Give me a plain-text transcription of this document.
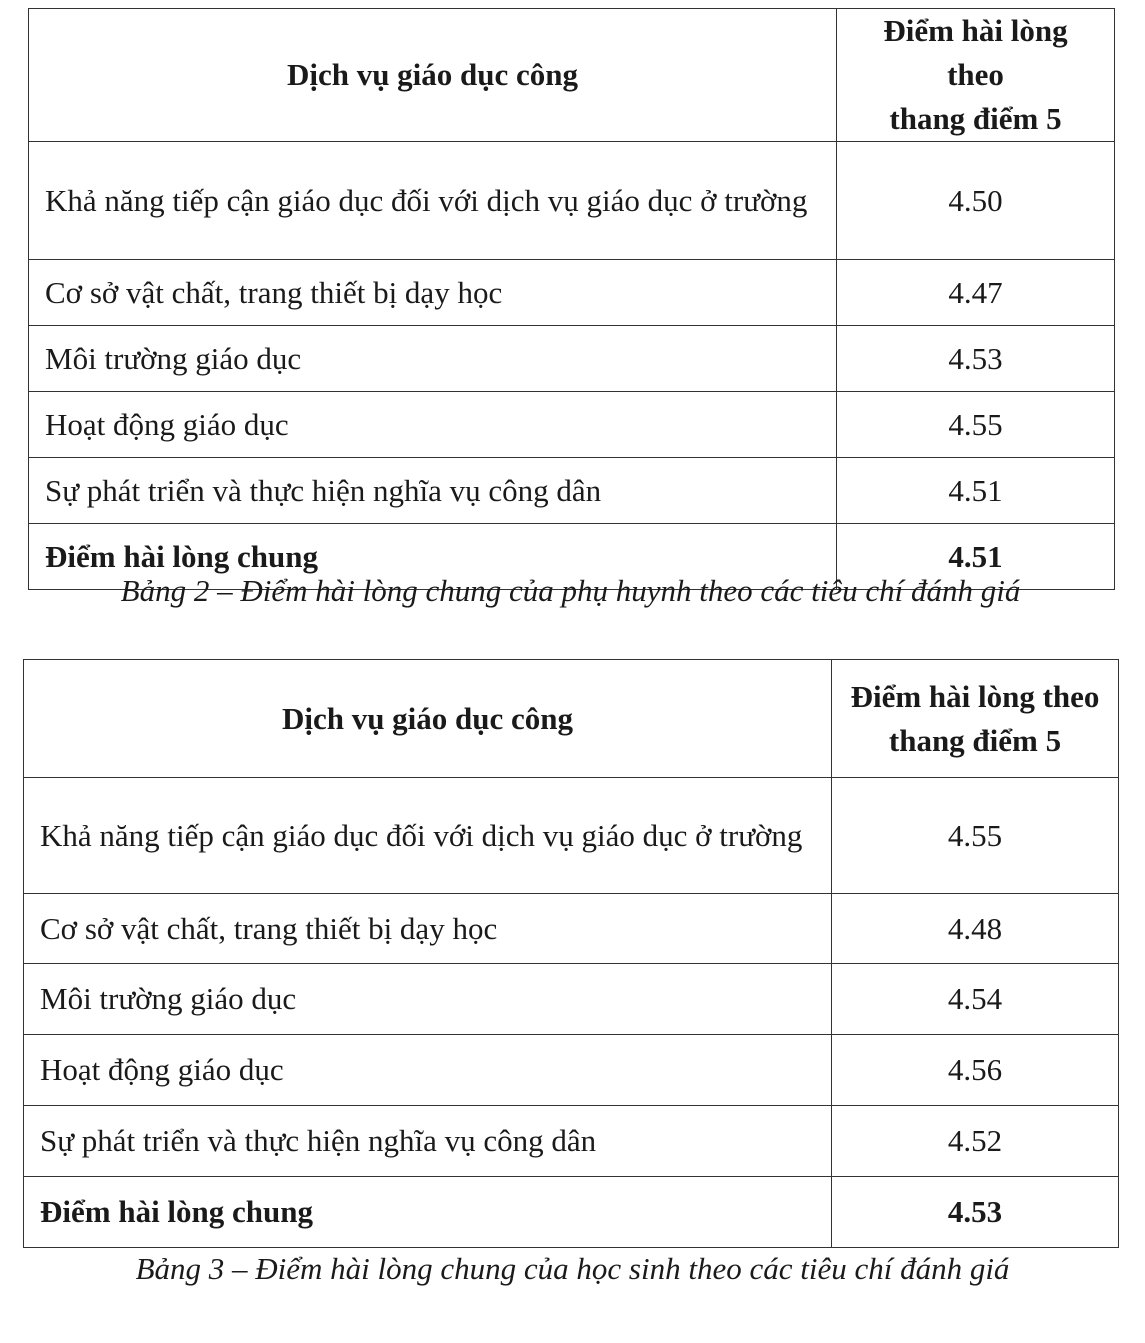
Dịch vụ giáo dục công	Điểm hài lòng theo
thang điểm 5
Khả năng tiếp cận giáo dục đối với dịch vụ giáo dục ở trường	4.50
Cơ sở vật chất, trang thiết bị dạy học	4.47
Môi trường giáo dục	4.53
Hoạt động giáo dục	4.55
Sự phát triển và thực hiện nghĩa vụ công dân	4.51
Điểm hài lòng chung	4.51
Bảng 2 – Điểm hài lòng chung của phụ huynh theo các tiêu chí đánh giá
Dịch vụ giáo dục công	Điểm hài lòng theo
thang điểm 5
Khả năng tiếp cận giáo dục đối với dịch vụ giáo dục ở trường	4.55
Cơ sở vật chất, trang thiết bị dạy học	4.48
Môi trường giáo dục	4.54
Hoạt động giáo dục	4.56
Sự phát triển và thực hiện nghĩa vụ công dân	4.52
Điểm hài lòng chung	4.53
Bảng 3 – Điểm hài lòng chung của học sinh theo các tiêu chí đánh giá
